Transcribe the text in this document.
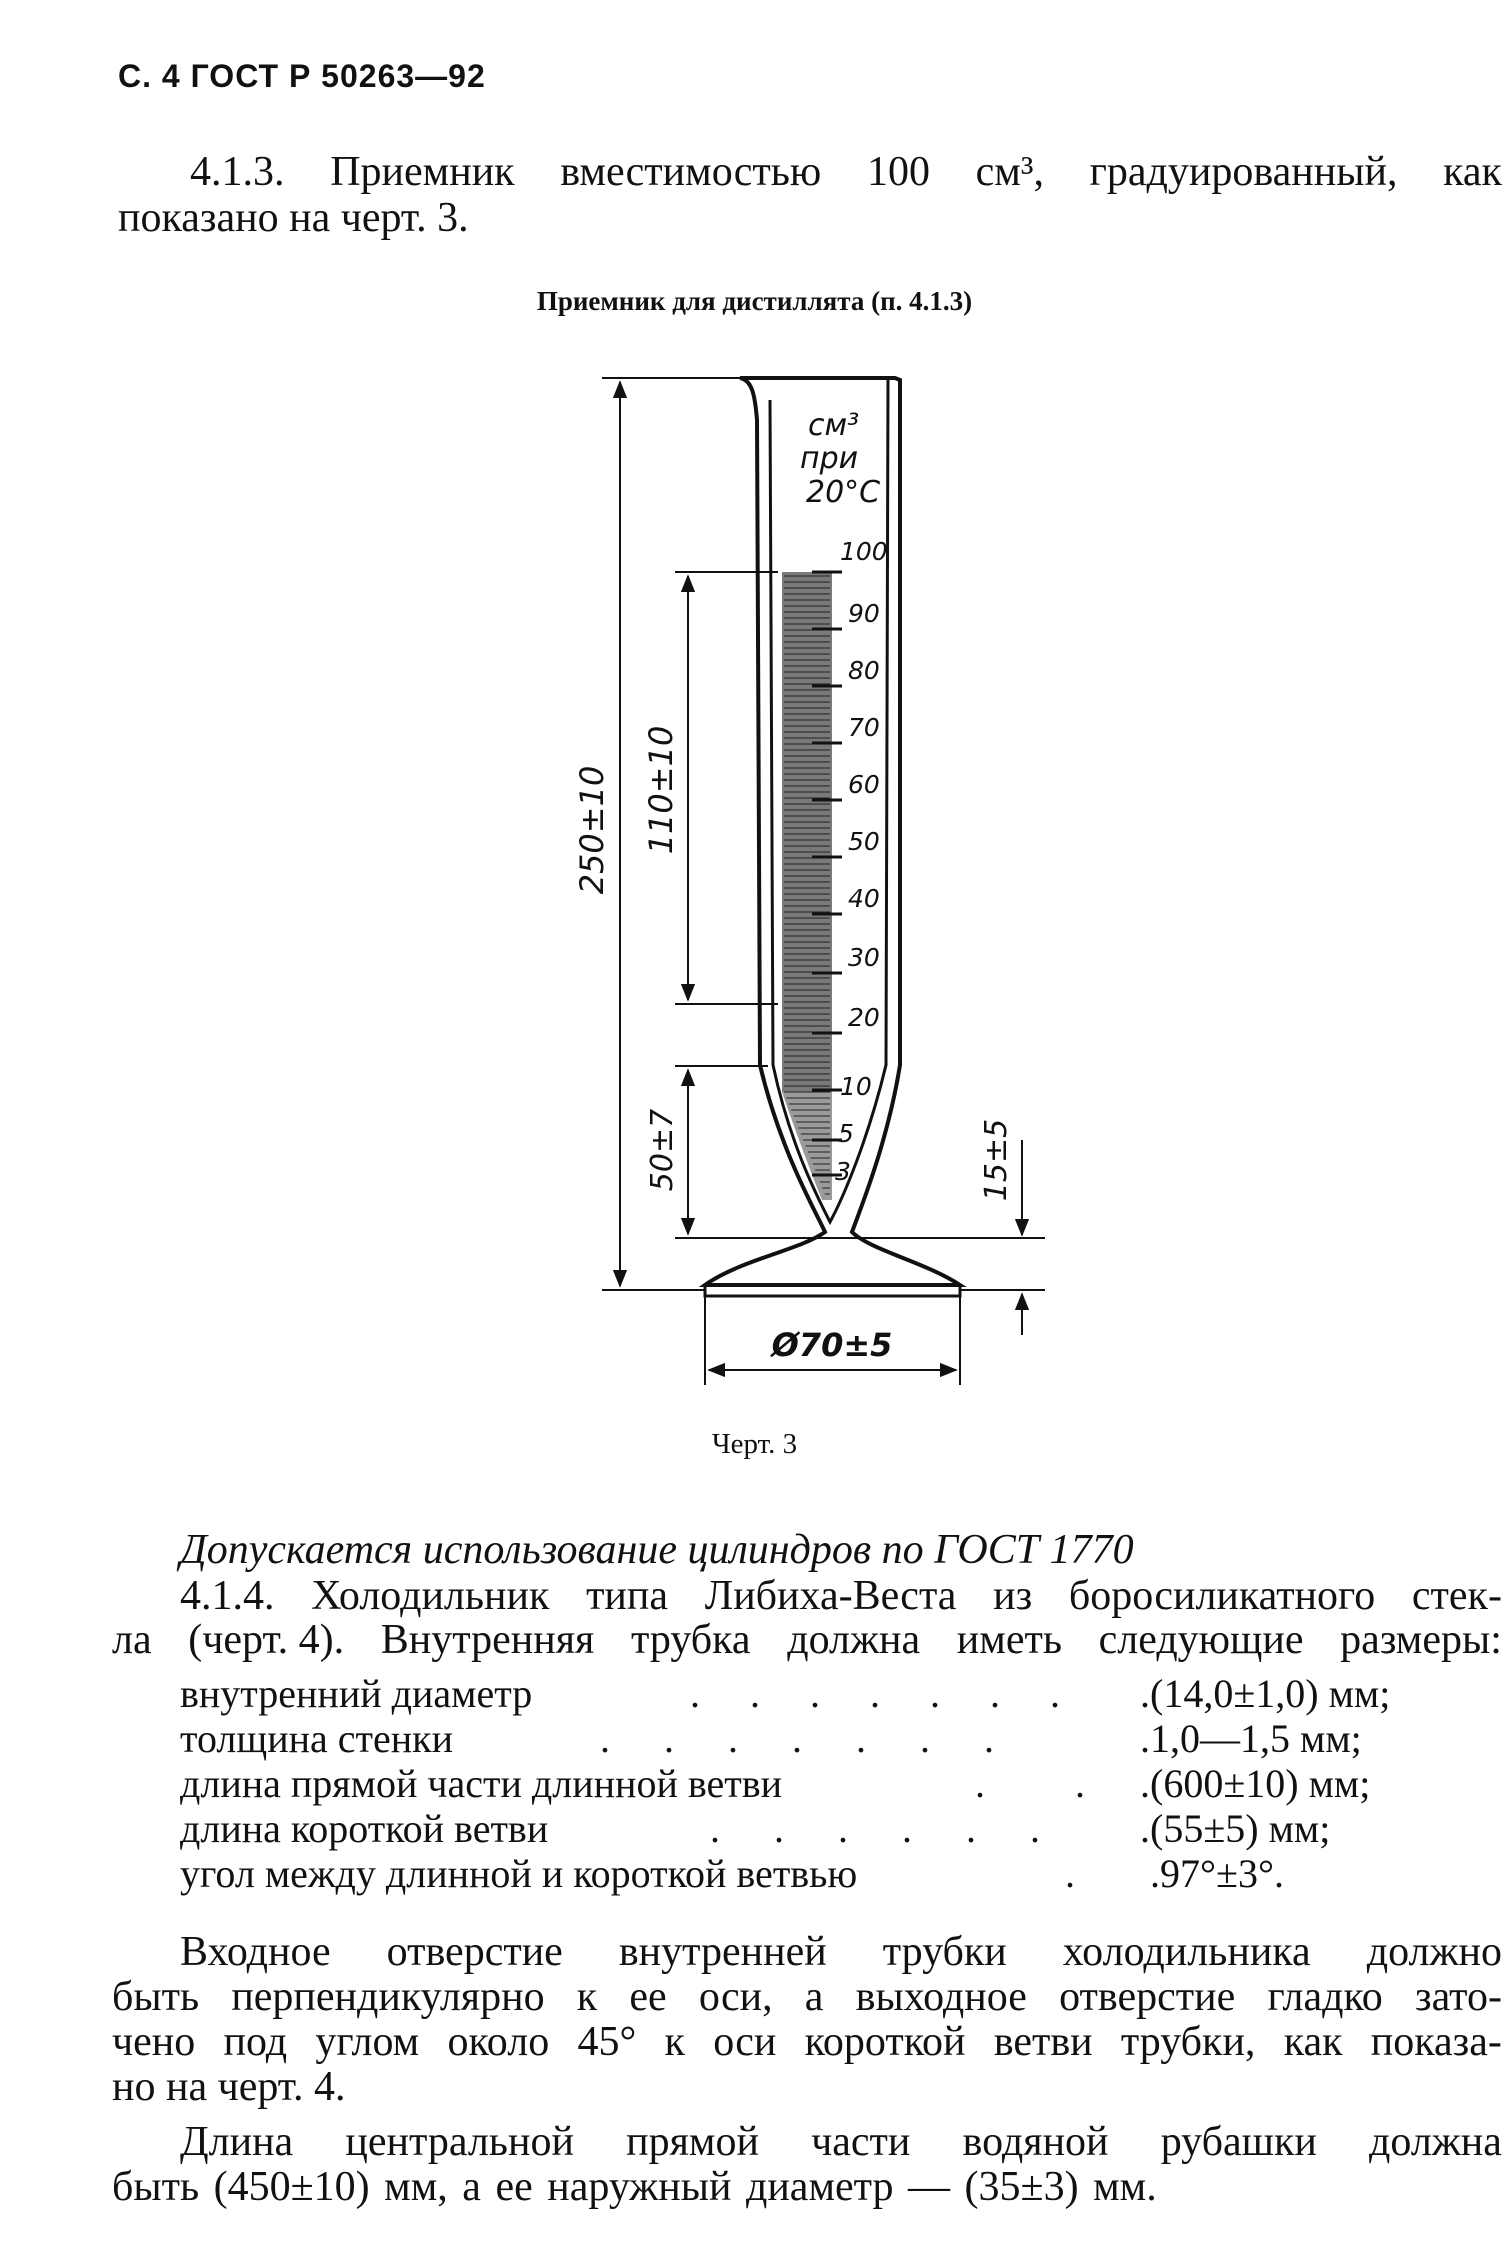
С. 4 ГОСТ Р 50263—92
4.1.3. Приемник вместимостью 100 см³, градуированный, как
показано на черт. 3.
Приемник для дистиллята (п. 4.1.3)
см³
при
20°С
100
90
80
70
60
50
40
30
20
10
5
3
250±10 110±10
50±7	15±5
Ø70±5
Черт. 3
Допускается использование цилиндров по ГОСТ 1770
4.1.4. Холодильник типа Либиха-Веста из боросиликатного стек-
ла (черт. 4). Внутренняя трубка должна иметь следующие размеры:
внутренний диаметр	. . . . . . . .(14,0±1,0) мм;
толщина стенки	. . . . . . .	.1,0—1,5 мм;
длина прямой части длинной ветви	. . .(600±10) мм;
длина короткой ветви	. . . . . . .(55±5) мм;
угол между длинной и короткой ветвью	. .97°±3°.
Входное отверстие внутренней трубки холодильника должно
быть перпендикулярно к ее оси, а выходное отверстие гладко зато-
чено под углом около 45° к оси короткой ветви трубки, как показа-
но на черт. 4.
Длина центральной прямой части водяной рубашки должна
быть (450±10) мм, а ее наружный диаметр — (35±3) мм.
